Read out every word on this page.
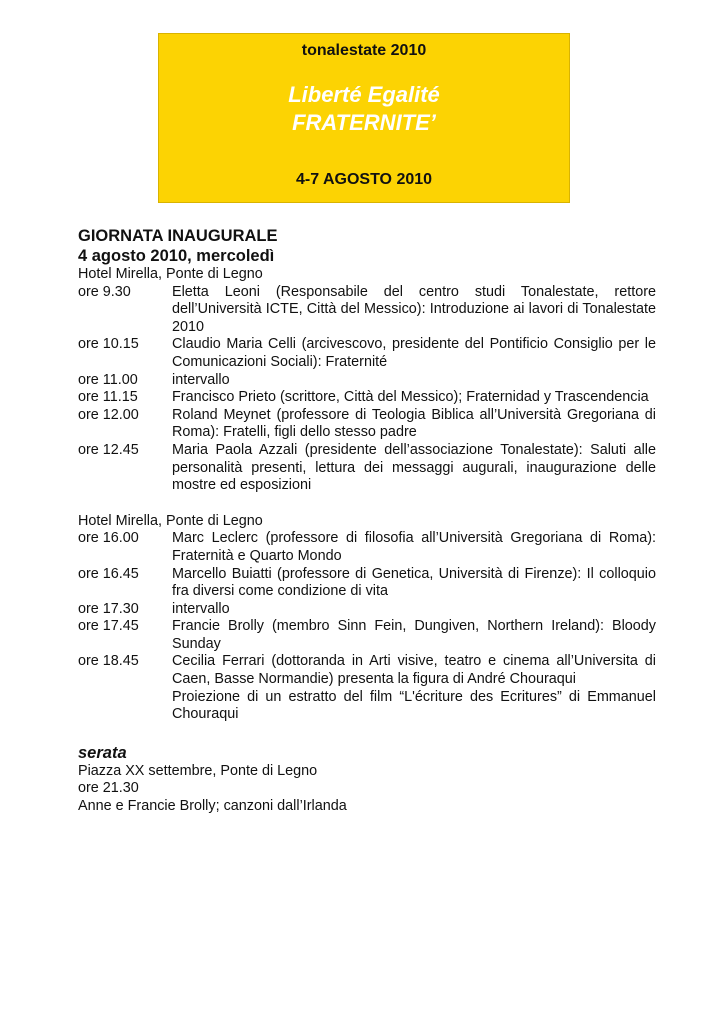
tonalestate 2010
Liberté Egalité
FRATERNITE’
4-7 AGOSTO 2010
GIORNATA INAUGURALE
4 agosto 2010, mercoledì
Hotel Mirella, Ponte di Legno
ore 9.30	Eletta Leoni (Responsabile del centro studi Tonalestate, rettore dell’Università ICTE, Città del Messico): Introduzione ai lavori di Tonalestate 2010
ore 10.15	Claudio Maria Celli (arcivescovo, presidente del Pontificio Consiglio per le Comunicazioni Sociali): Fraternité
ore 11.00	intervallo
ore 11.15	Francisco Prieto (scrittore, Città del Messico); Fraternidad y Trascendencia
ore 12.00	Roland Meynet (professore di Teologia Biblica all’Università Gregoriana di Roma): Fratelli, figli dello stesso padre
ore 12.45	Maria Paola Azzali (presidente dell’associazione Tonalestate): Saluti alle personalità presenti, lettura dei messaggi augurali, inaugurazione delle mostre ed esposizioni
Hotel Mirella, Ponte di Legno
ore 16.00	Marc Leclerc (professore di filosofia all’Università Gregoriana di Roma): Fraternità e Quarto Mondo
ore 16.45	Marcello Buiatti (professore di Genetica, Università di Firenze): Il colloquio fra diversi come condizione di vita
ore 17.30	intervallo
ore 17.45	Francie Brolly (membro Sinn Fein, Dungiven, Northern Ireland): Bloody Sunday
ore 18.45	Cecilia Ferrari (dottoranda in Arti visive, teatro e cinema all’Universita di Caen, Basse Normandie) presenta la figura di André Chouraqui
Proiezione di un estratto del film “L'écriture des Ecritures” di Emmanuel Chouraqui
serata
Piazza XX settembre, Ponte di Legno
ore 21.30
Anne e Francie Brolly; canzoni dall’Irlanda
